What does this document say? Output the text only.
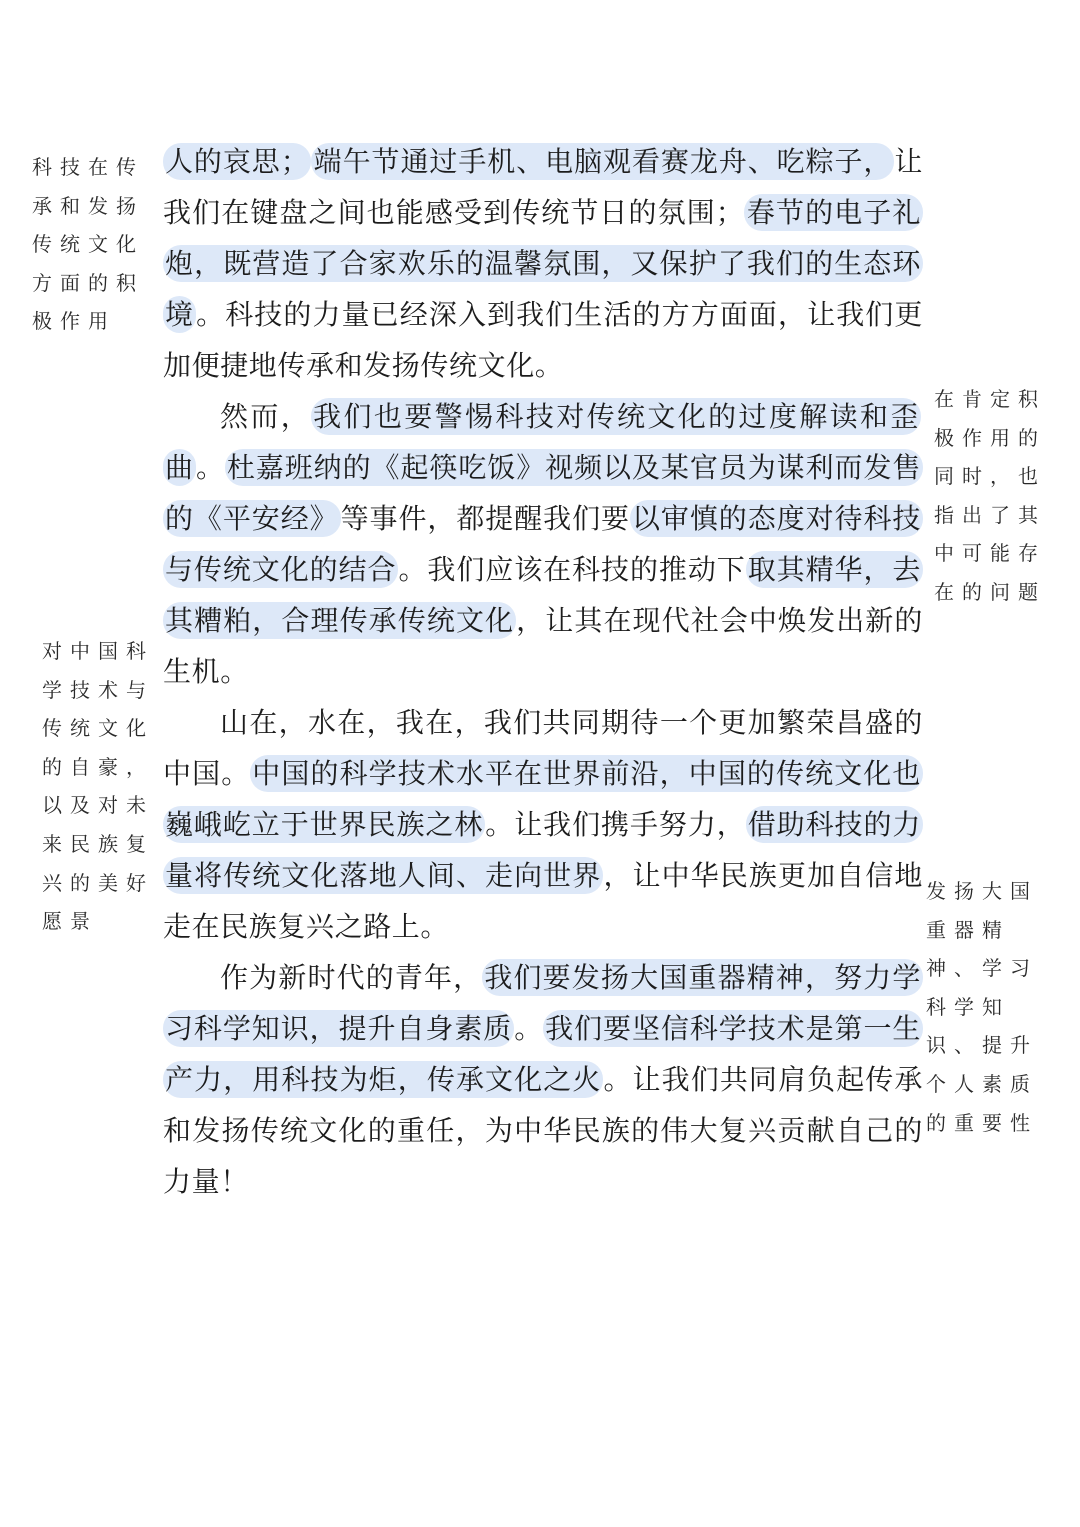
人的哀思； 端午节通过手机、电脑观看赛龙舟、吃粽子，让我们在键盘之间也能感受到传统节日的氛围；春节的电子礼炮，既营造了合家欢乐的温馨氛围，又保护了我们的生态环境。科技的力量已经深入到我们生活的方方面面，让我们更加便捷地传承和发扬传统文化。

然而，我们也要警惕科技对传统文化的过度解读和歪曲。杜嘉班纳的《起筷吃饭》视频以及某官员为谋利而发售的《平安经》等事件，都提醒我们要以审慎的态度对待科技与传统文化的结合。我们应该在科技的推动下取其精华，去其糟粕，合理传承传统文化，让其在现代社会中焕发出新的生机。

山在，水在，我在，我们共同期待一个更加繁荣昌盛的中国。中国的科学技术水平在世界前沿，中国的传统文化也巍峨屹立于世界民族之林。让我们携手努力，借助科技的力量将传统文化落地人间、走向世界，让中华民族更加自信地走在民族复兴之路上。

作为新时代的青年，我们要发扬大国重器精神，努力学习科学知识，提升自身素质。我们要坚信科学技术是第一生产力，用科技为炬，传承文化之火。让我们共同肩负起传承和发扬传统文化的重任，为中华民族的伟大复兴贡献自己的力量！

科技在传
承和发扬
传统文化
方面的积
极作用
在肯定积
极作用的
同时，也
指出了其
中可能存
在的问题
对中国科
学技术与
传统文化
的自豪，
以及对未
来民族复
兴的美好
愿景
发扬大国
重器精
神、学习
科学知
识、提升
个人素质
的重要性
